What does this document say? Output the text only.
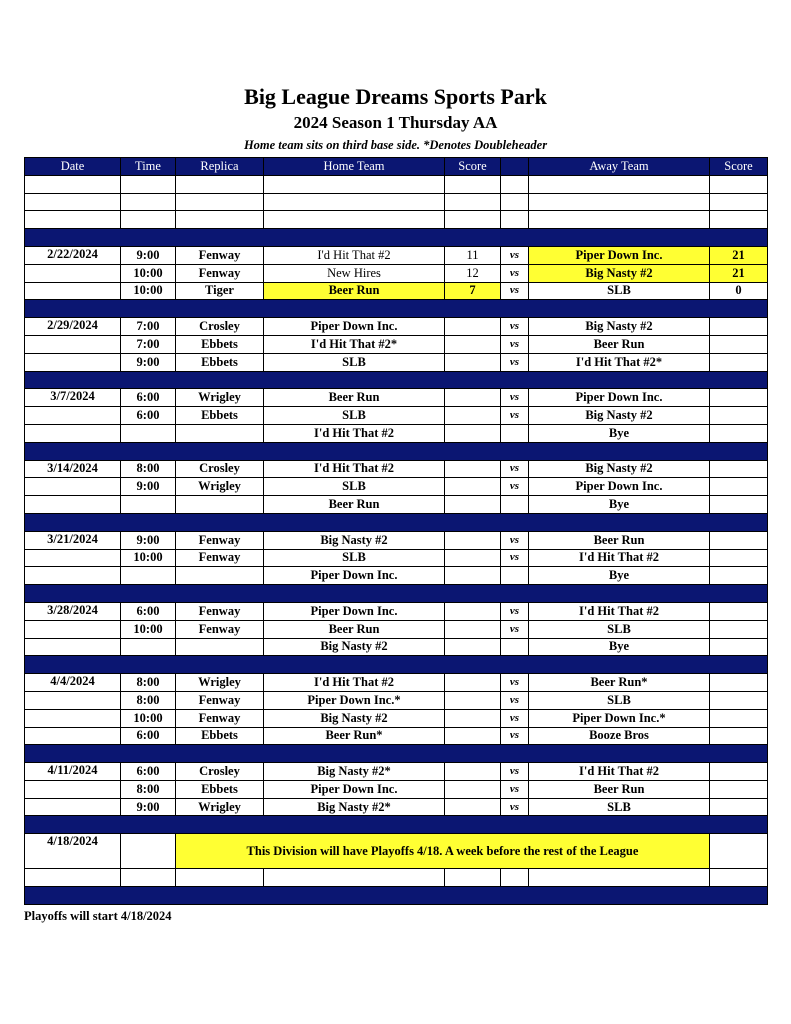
Big League Dreams Sports Park
2024 Season 1 Thursday AA
Home team sits on third base side. *Denotes Doubleheader
Date	Time	Replica	Home Team	Score		Away Team	Score

2/22/2024	9:00	Fenway	I'd Hit That #2	11	vs	Piper Down Inc.	21
	10:00	Fenway	New Hires	12	vs	Big Nasty #2	21
	10:00	Tiger	Beer Run	7	vs	SLB	0

2/29/2024	7:00	Crosley	Piper Down Inc.		vs	Big Nasty #2	
	7:00	Ebbets	I'd Hit That #2*		vs	Beer Run	
	9:00	Ebbets	SLB		vs	I'd Hit That #2*	

3/7/2024	6:00	Wrigley	Beer Run		vs	Piper Down Inc.	
	6:00	Ebbets	SLB		vs	Big Nasty #2	
			I'd Hit That #2			Bye	

3/14/2024	8:00	Crosley	I'd Hit That #2		vs	Big Nasty #2	
	9:00	Wrigley	SLB		vs	Piper Down Inc.	
			Beer Run			Bye	

3/21/2024	9:00	Fenway	Big Nasty #2		vs	Beer Run	
	10:00	Fenway	SLB		vs	I'd Hit That #2	
			Piper Down Inc.			Bye	

3/28/2024	6:00	Fenway	Piper Down Inc.		vs	I'd Hit That #2	
	10:00	Fenway	Beer Run		vs	SLB	
			Big Nasty #2			Bye	

4/4/2024	8:00	Wrigley	I'd Hit That #2		vs	Beer Run*	
	8:00	Fenway	Piper Down Inc.*		vs	SLB	
	10:00	Fenway	Big Nasty #2		vs	Piper Down Inc.*	
	6:00	Ebbets	Beer Run*		vs	Booze Bros	

4/11/2024	6:00	Crosley	Big Nasty #2*		vs	I'd Hit That #2	
	8:00	Ebbets	Piper Down Inc.		vs	Beer Run	
	9:00	Wrigley	Big Nasty #2*		vs	SLB	

4/18/2024		This Division will have Playoffs 4/18. A week before the rest of the League					

Playoffs will start 4/18/2024
